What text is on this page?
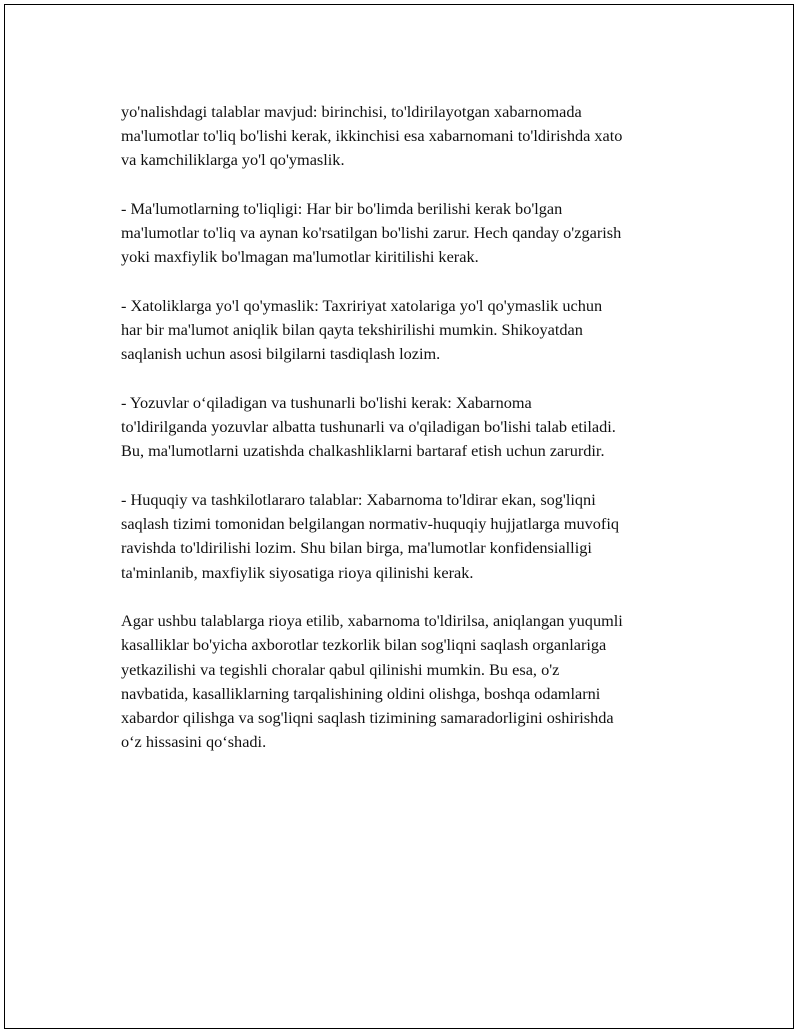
yo'nalishdagi talablar mavjud: birinchisi, to'ldirilayotgan xabarnomada
ma'lumotlar to'liq bo'lishi kerak, ikkinchisi esa xabarnomani to'ldirishda xato
va kamchiliklarga yo'l qo'ymaslik.

- Ma'lumotlarning to'liqligi: Har bir bo'limda berilishi kerak bo'lgan
ma'lumotlar to'liq va aynan ko'rsatilgan bo'lishi zarur. Hech qanday o'zgarish
yoki maxfiylik bo'lmagan ma'lumotlar kiritilishi kerak.

- Xatoliklarga yo'l qo'ymaslik: Taxririyat xatolariga yo'l qo'ymaslik uchun
har bir ma'lumot aniqlik bilan qayta tekshirilishi mumkin. Shikoyatdan
saqlanish uchun asosi bilgilarni tasdiqlash lozim.

- Yozuvlar o‘qiladigan va tushunarli bo'lishi kerak: Xabarnoma
to'ldirilganda yozuvlar albatta tushunarli va o'qiladigan bo'lishi talab etiladi.
Bu, ma'lumotlarni uzatishda chalkashliklarni bartaraf etish uchun zarurdir.

- Huquqiy va tashkilotlararo talablar: Xabarnoma to'ldirar ekan, sog'liqni
saqlash tizimi tomonidan belgilangan normativ-huquqiy hujjatlarga muvofiq
ravishda to'ldirilishi lozim. Shu bilan birga, ma'lumotlar konfidensialligi
ta'minlanib, maxfiylik siyosatiga rioya qilinishi kerak.

Agar ushbu talablarga rioya etilib, xabarnoma to'ldirilsa, aniqlangan yuqumli
kasalliklar bo'yicha axborotlar tezkorlik bilan sog'liqni saqlash organlariga
yetkazilishi va tegishli choralar qabul qilinishi mumkin. Bu esa, o'z
navbatida, kasalliklarning tarqalishining oldini olishga, boshqa odamlarni
xabardor qilishga va sog'liqni saqlash tizimining samaradorligini oshirishda
o‘z hissasini qo‘shadi.
